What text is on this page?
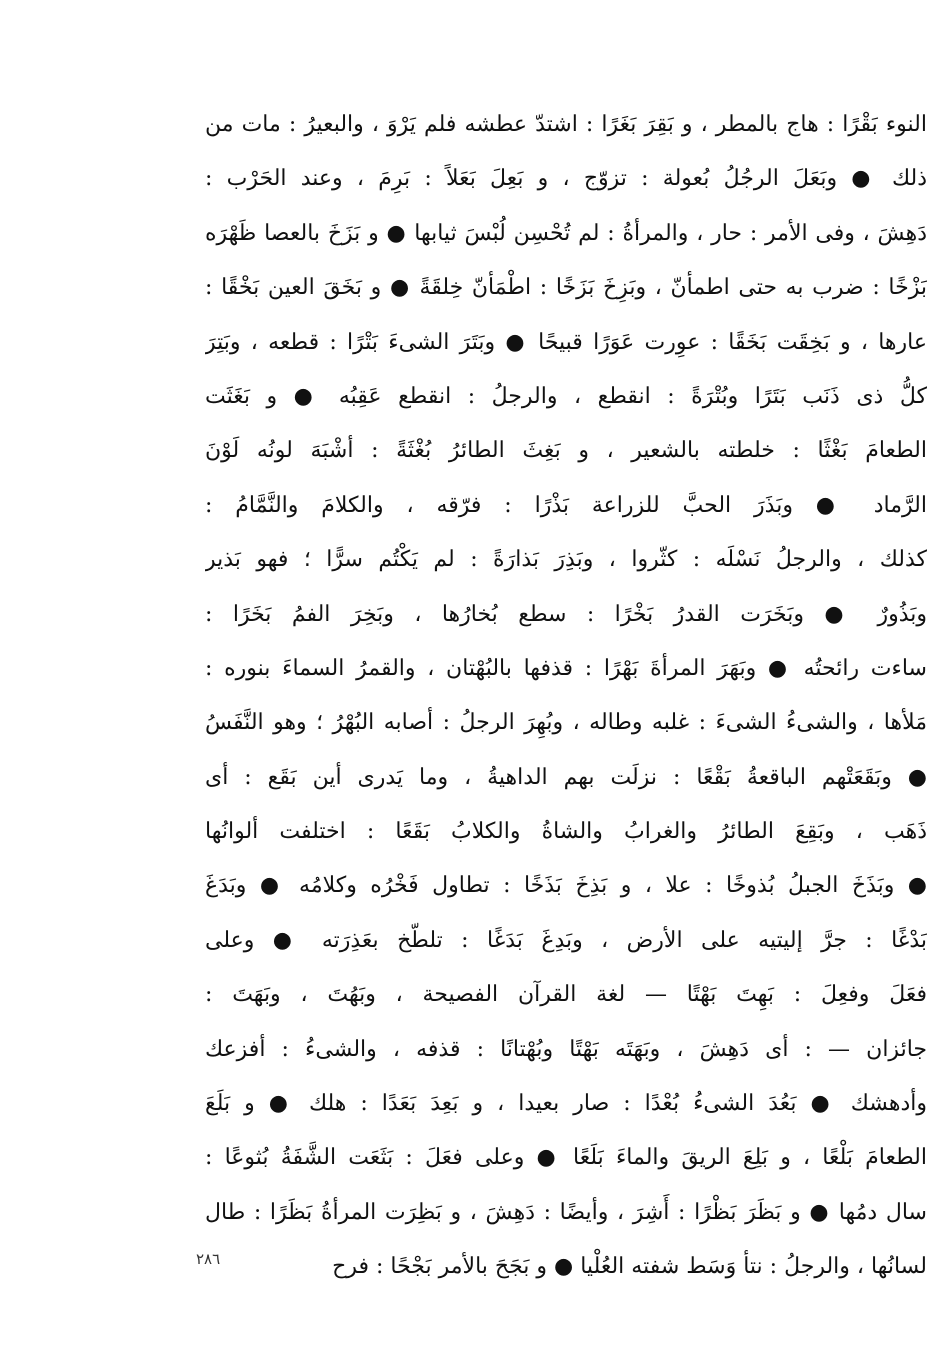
النوء بَقْرًا : هاج بالمطر ، و بَقِرَ بَغَرًا : اشتدّ عطشه فلم يَرْوَ ، والبعيرُ : مات من
ذلك ● وبَعَلَ الرجُلُ بُعولة : تزوّج ، و بَعِلَ بَعَلاً : بَرِمَ ، وعند الحَرْب :
دَهِشَ ، وفى الأمر : حار ، والمرأةُ : لم تُحْسِن لُبْسَ ثيابها ● و بَزَخَ بالعصا ظَهْرَه
بَزْخًا : ضرب به حتى اطمأنّ ، وبَزِخَ بَزَخًا : اطْمَأنّ خِلقَةً ● و بَخَقَ العين بَخْقًا :
عارها ، و بَخِقَت بَخَقًا : عوِرت عَوَرًا قبيحًا ● وبَتَرَ الشىءَ بَتْرًا : قطعه ، وبَتِرَ
كلُّ ذى ذَنَب بَتَرًا وبُتْرَةً : انقطع ، والرجلُ : انقطع عَقِبُه ● و بَغَثَت
الطعامَ بَغْثًا : خلطته بالشعير ، و بَغِثَ الطائرُ بُغْثَةً : أشْبَهَ لونُه لَوْنَ
الرَّماد ● وبَذَرَ الحبَّ للزراعة بَذْرًا : فرّقه ، والكلامَ والنَّمَّامُ :
كذلك ، والرجلُ نَسْلَه : كثّروا ، وبَذِرَ بَذارَةً : لم يَكْتُم سرًّا ؛ فهو بَذير
وبَذُورٌ ● وبَخَرَت القدرُ بَخْرًا : سطع بُخارُها ، وبَخِرَ الفمُ بَخَرًا :
ساءت رائحتُه ● وبَهَرَ المرأةَ بَهْرًا : قذفها بالبُهْتان ، والقمرُ السماءَ بنوره :
مَلأها ، والشىءُ الشىءَ : غلبه وطاله ، وبُهِرَ الرجلُ : أصابه البُهْرُ ؛ وهو النَّفَسُ
● وبَقَعَتْهم الباقعةُ بَقْعًا : نزلَت بهم الداهيةُ ، وما يَدرى أين بَقَع : أى
ذَهَب ، وبَقِعَ الطائرُ والغرابُ والشاةُ والكلابُ بَقَعًا : اختلفت ألوانُها
● وبَذَخَ الجبلُ بُذوخًا : علا ، و بَذِخَ بَذَخًا : تطاول فَخْرُه وكلامُه ● وبَدَغَ
بَدْغًا : جرَّ إليتيه على الأرض ، وبَدِغَ بَدَغًا : تلطّخ بعَذِرَته ● وعلى
فعَلَ وفعِلَ : بَهِتَ بَهْتًا — لغة القرآن الفصيحة ، وبَهُتَ ، وبَهَتَ :
جائزان — : أى دَهِشَ ، وبَهَتَه بَهْتًا وبُهْتانًا : قذفه ، والشىءُ : أفزعك
وأدهشك ● بَعُدَ الشىءُ بُعْدًا : صار بعيدا ، و بَعِدَ بَعَدًا : هلك ● و بَلَعَ
الطعامَ بَلْعًا ، و بَلِعَ الريقَ والماءَ بَلَعًا ● وعلى فعَلَ : بَثَعَت الشَّفَةُ بُثوعًا :
سال دمُها ● و بَظَرَ بَظْرًا : أَشِرَ ، وأيضًا : دَهِشَ ، و بَظِرَت المرأةُ بَظَرًا : طال
لسانُها ، والرجلُ : نتأ وَسَط شفته العُلْيا ● و بَجَحَ بالأمر بَجْحًا : فرح
٢٨٦
